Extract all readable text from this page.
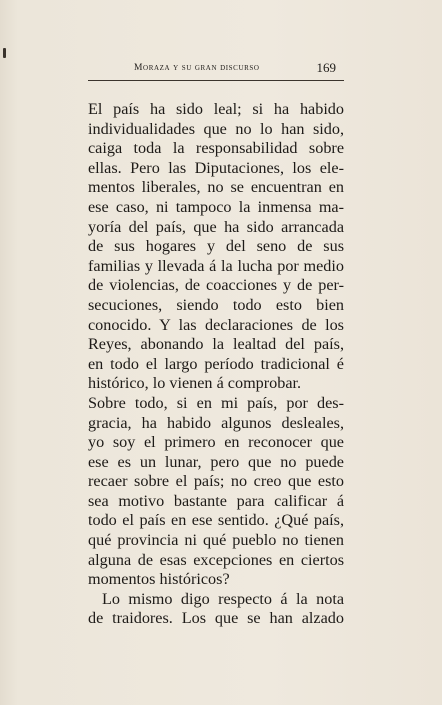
Moraza y su gran discurso	169
El país ha sido leal; si ha habido
individualidades que no lo han sido,
caiga toda la responsabilidad sobre
ellas. Pero las Diputaciones, los ele-
mentos liberales, no se encuentran en
ese caso, ni tampoco la inmensa ma-
yoría del país, que ha sido arrancada
de sus hogares y del seno de sus
familias y llevada á la lucha por medio
de violencias, de coacciones y de per-
secuciones, siendo todo esto bien
conocido. Y las declaraciones de los
Reyes, abonando la lealtad del país,
en todo el largo período tradicional é
histórico, lo vienen á comprobar.
Sobre todo, si en mi país, por des-
gracia, ha habido algunos desleales,
yo soy el primero en reconocer que
ese es un lunar, pero que no puede
recaer sobre el país; no creo que esto
sea motivo bastante para calificar á
todo el país en ese sentido. ¿Qué país,
qué provincia ni qué pueblo no tienen
alguna de esas excepciones en ciertos
momentos históricos?
Lo mismo digo respecto á la nota
de traidores. Los que se han alzado
